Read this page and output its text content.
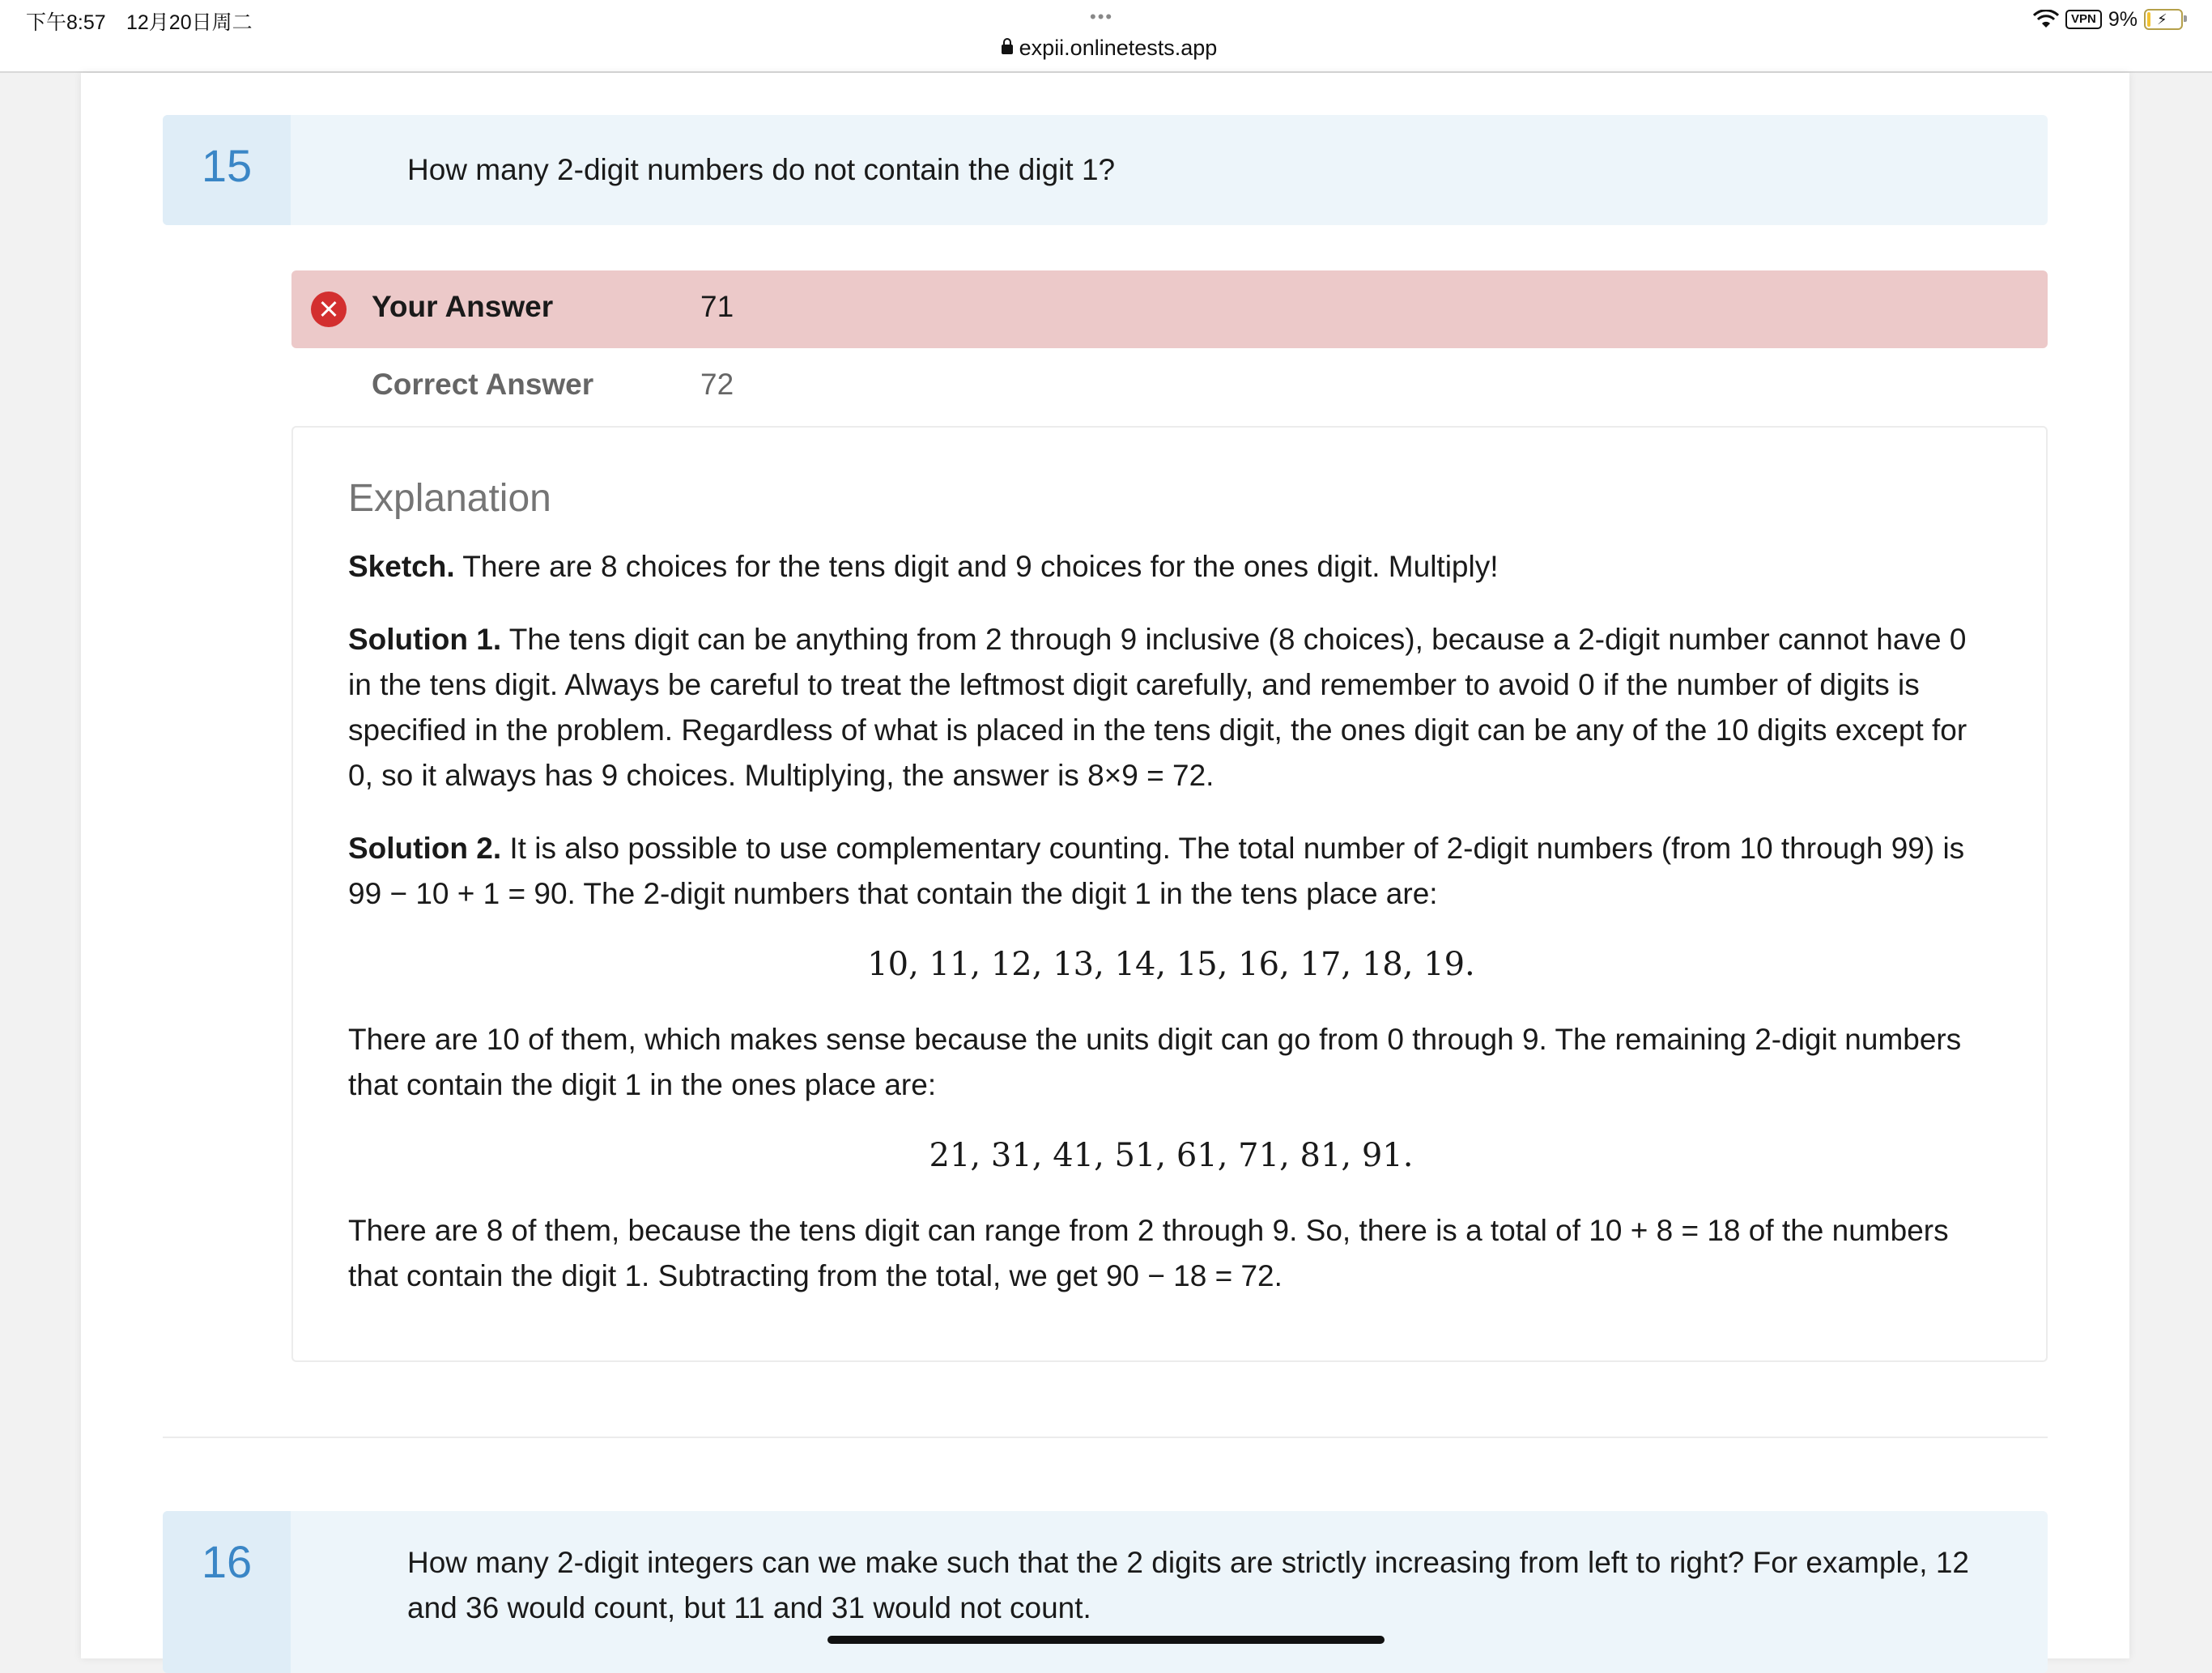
下午8:57 12月20日周二	•••
expii.onlinetests.app
VPN 9% ⚡
15	How many 2-digit numbers do not contain the digit 1?
Your Answer	71
Correct Answer	72
Explanation
Sketch. There are 8 choices for the tens digit and 9 choices for the ones digit. Multiply!
Solution 1. The tens digit can be anything from 2 through 9 inclusive (8 choices), because a 2-digit number cannot have 0 in the tens digit. Always be careful to treat the leftmost digit carefully, and remember to avoid 0 if the number of digits is specified in the problem. Regardless of what is placed in the tens digit, the ones digit can be any of the 10 digits except for 0, so it always has 9 choices. Multiplying, the answer is 8×9 = 72.
Solution 2. It is also possible to use complementary counting. The total number of 2-digit numbers (from 10 through 99) is 99 − 10 + 1 = 90. The 2-digit numbers that contain the digit 1 in the tens place are:
10, 11, 12, 13, 14, 15, 16, 17, 18, 19.
There are 10 of them, which makes sense because the units digit can go from 0 through 9. The remaining 2-digit numbers that contain the digit 1 in the ones place are:
21, 31, 41, 51, 61, 71, 81, 91.
There are 8 of them, because the tens digit can range from 2 through 9. So, there is a total of 10 + 8 = 18 of the numbers that contain the digit 1. Subtracting from the total, we get 90 − 18 = 72.
16	How many 2-digit integers can we make such that the 2 digits are strictly increasing from left to right? For example, 12 and 36 would count, but 11 and 31 would not count.
